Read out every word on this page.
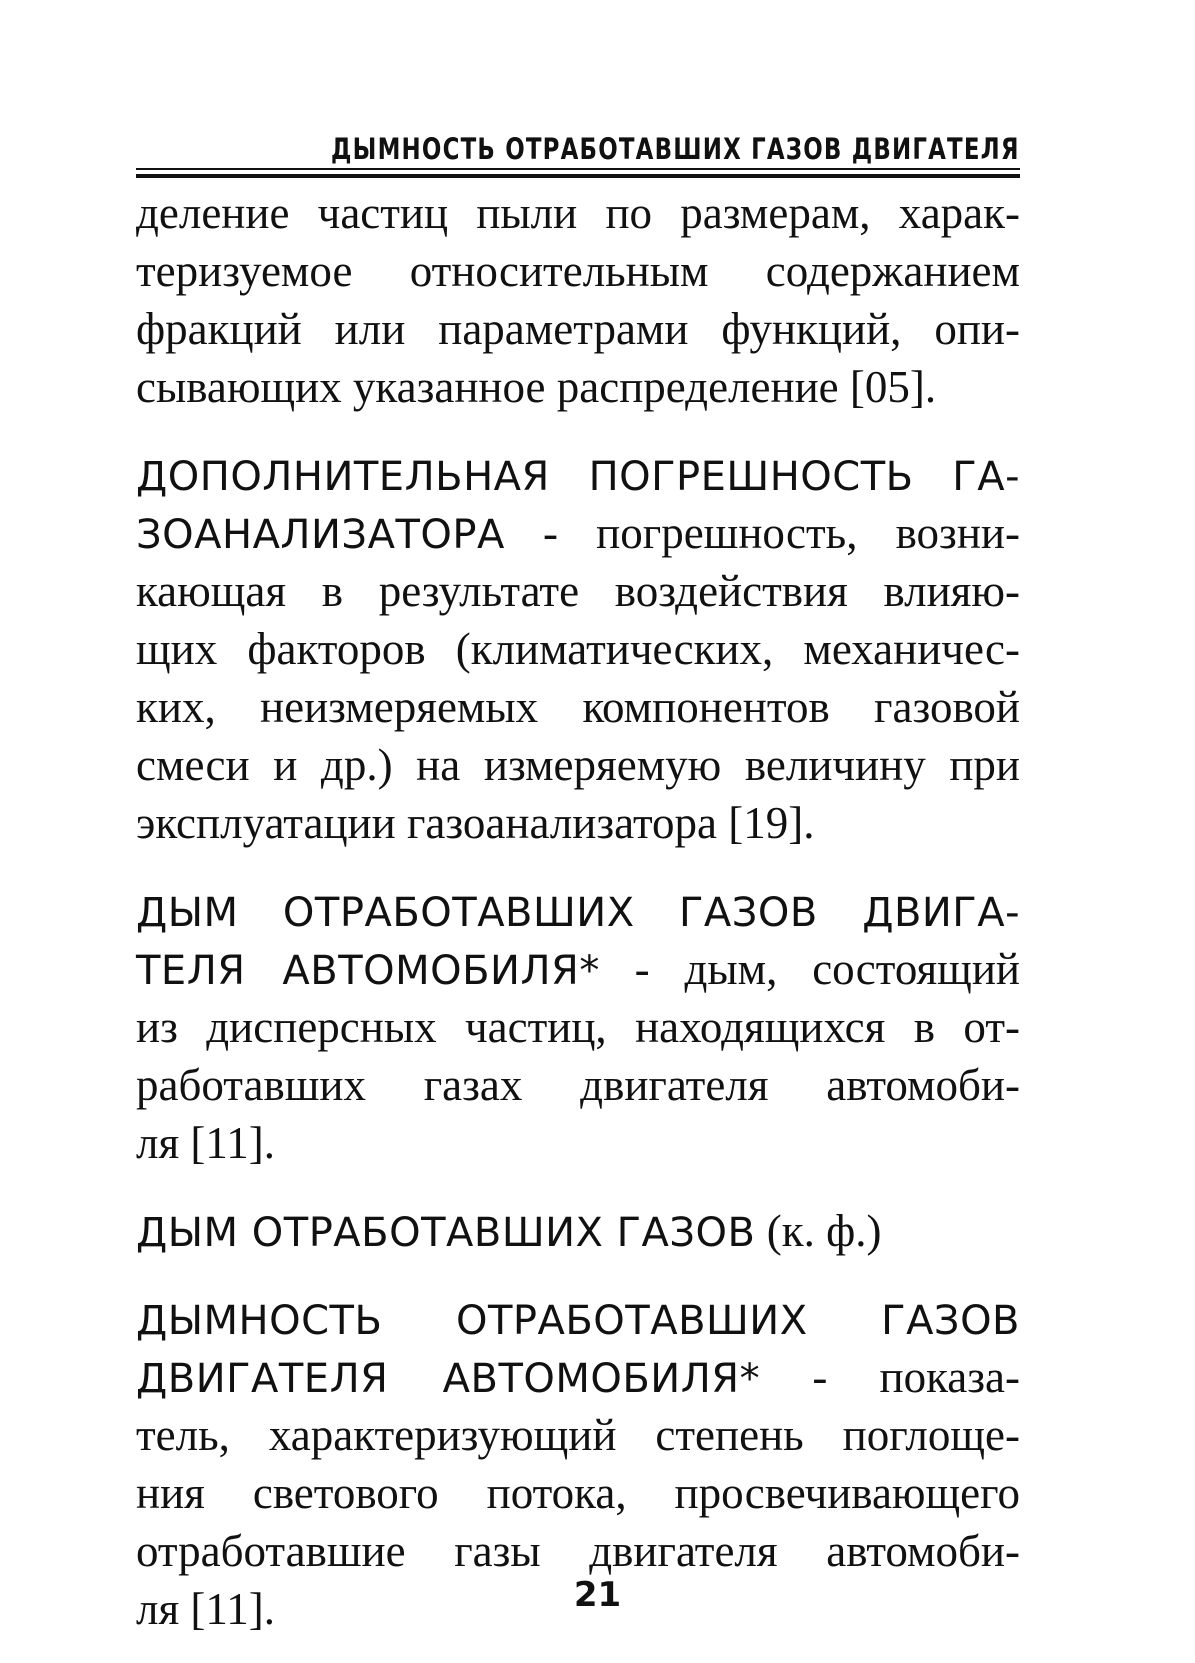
ДЫМНОСТЬ ОТРАБОТАВШИХ ГАЗОВ ДВИГАТЕЛЯ
деление частиц пыли по размерам, харак-
теризуемое относительным содержанием
фракций или параметрами функций, опи-
сывающих указанное распределение [05].
ДОПОЛНИТЕЛЬНАЯ ПОГРЕШНОСТЬ ГА-
ЗОАНАЛИЗАТОРА - погрешность, возни-
кающая в результате воздействия влияю-
щих факторов (климатических, механичес-
ких, неизмеряемых компонентов газовой
смеси и др.) на измеряемую величину при
эксплуатации газоанализатора [19].
ДЫМ ОТРАБОТАВШИХ ГАЗОВ ДВИГА-
ТЕЛЯ АВТОМОБИЛЯ* - дым, состоящий
из дисперсных частиц, находящихся в от-
работавших газах двигателя автомоби-
ля [11].
ДЫМ ОТРАБОТАВШИХ ГАЗОВ (к. ф.)
ДЫМНОСТЬ ОТРАБОТАВШИХ ГАЗОВ
ДВИГАТЕЛЯ АВТОМОБИЛЯ* - показа-
тель, характеризующий степень поглоще-
ния светового потока, просвечивающего
отработавшие газы двигателя автомоби-
ля [11].	21
